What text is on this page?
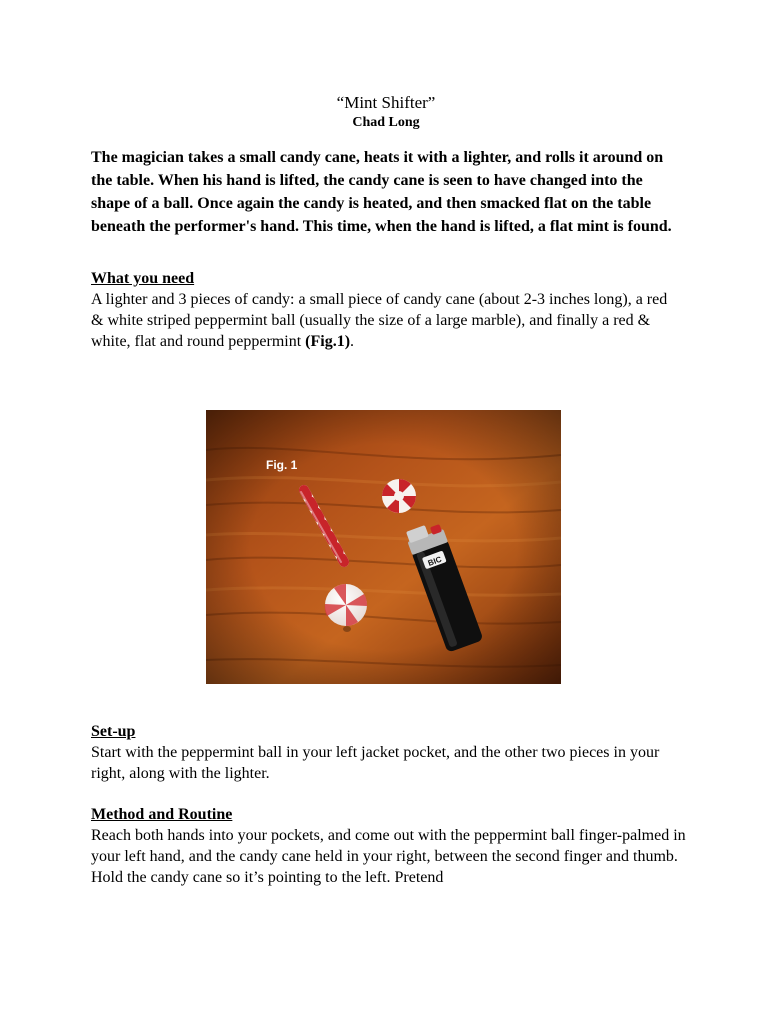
“Mint Shifter”

Chad Long

The magician takes a small candy cane, heats it with a lighter, and rolls it around on the table. When his hand is lifted, the candy cane is seen to have changed into the shape of a ball. Once again the candy is heated, and then smacked flat on the table beneath the performer's hand. This time, when the hand is lifted, a flat mint is found.

What you need

A lighter and 3 pieces of candy: a small piece of candy cane (about 2-3 inches long), a red & white striped peppermint ball (usually the size of a large marble), and finally a red & white, flat and round peppermint (Fig.1).

Fig. 1
BIC

Set-up

Start with the peppermint ball in your left jacket pocket, and the other two pieces in your right, along with the lighter.

Method and Routine

Reach both hands into your pockets, and come out with the peppermint ball finger-palmed in your left hand, and the candy cane held in your right, between the second finger and thumb. Hold the candy cane so it’s pointing to the left. Pretend
